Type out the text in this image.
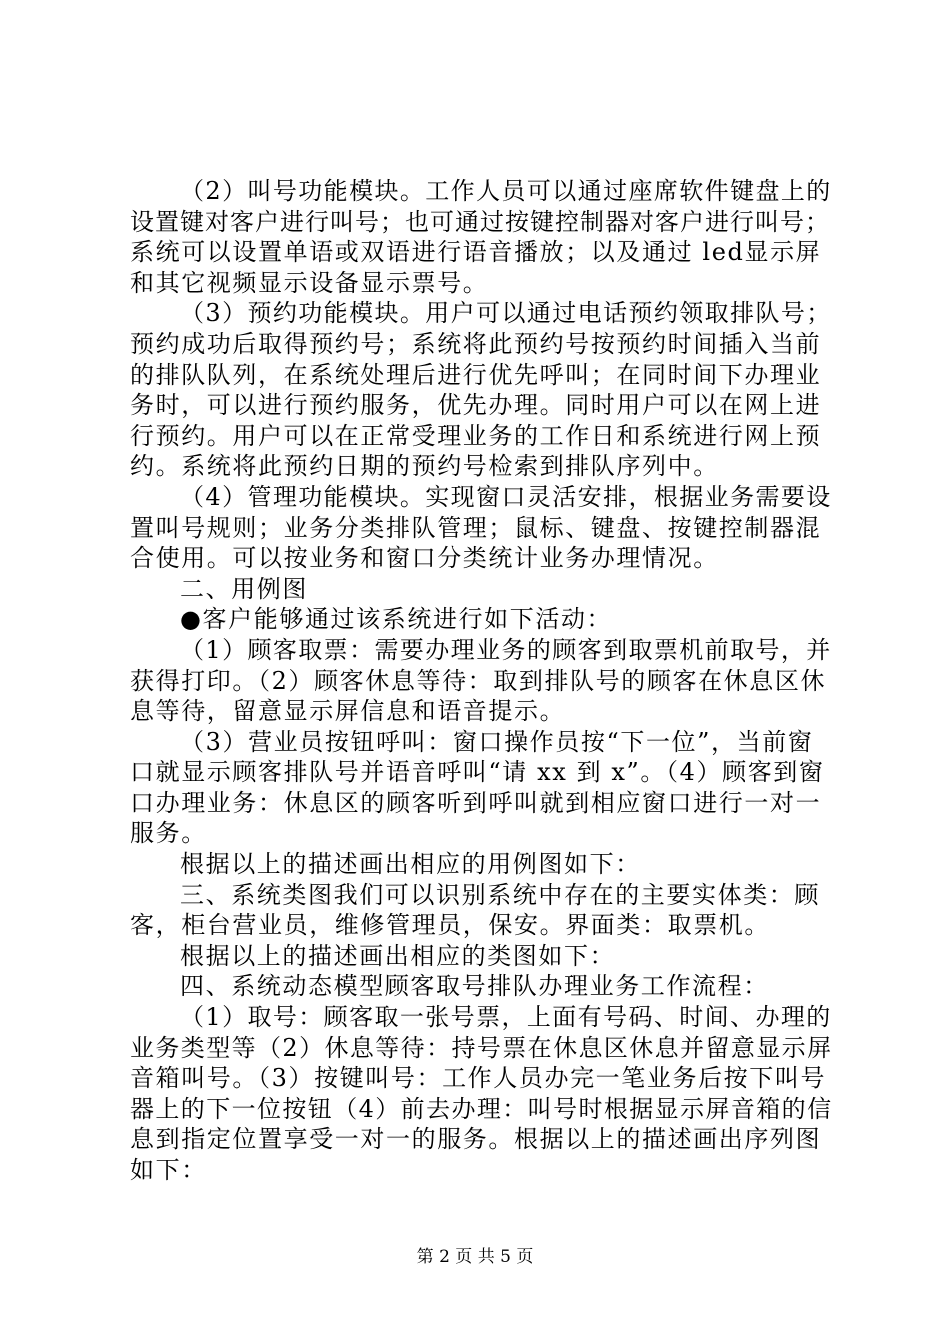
（2）叫号功能模块。工作人员可以通过座席软件键盘上的
设置键对客户进行叫号；也可通过按键控制器对客户进行叫号；
系统可以设置单语或双语进行语音播放；以及通过 led显示屏
和其它视频显示设备显示票号。
（3）预约功能模块。用户可以通过电话预约领取排队号；
预约成功后取得预约号；系统将此预约号按预约时间插入当前
的排队队列，在系统处理后进行优先呼叫；在同时间下办理业
务时，可以进行预约服务，优先办理。同时用户可以在网上进
行预约。用户可以在正常受理业务的工作日和系统进行网上预
约。系统将此预约日期的预约号检索到排队序列中。
（4）管理功能模块。实现窗口灵活安排，根据业务需要设
置叫号规则；业务分类排队管理；鼠标、键盘、按键控制器混
合使用。可以按业务和窗口分类统计业务办理情况。
二、用例图
●客户能够通过该系统进行如下活动：
（1）顾客取票：需要办理业务的顾客到取票机前取号，并
获得打印。（2）顾客休息等待：取到排队号的顾客在休息区休
息等待，留意显示屏信息和语音提示。
（3）营业员按钮呼叫：窗口操作员按“下一位”，当前窗
口就显示顾客排队号并语音呼叫“请 xx 到 x”。（4）顾客到窗
口办理业务：休息区的顾客听到呼叫就到相应窗口进行一对一
服务。
根据以上的描述画出相应的用例图如下：
三、系统类图我们可以识别系统中存在的主要实体类：顾
客，柜台营业员，维修管理员，保安。界面类：取票机。
根据以上的描述画出相应的类图如下：
四、系统动态模型顾客取号排队办理业务工作流程：
（1）取号：顾客取一张号票，上面有号码、时间、办理的
业务类型等（2）休息等待：持号票在休息区休息并留意显示屏
音箱叫号。（3）按键叫号：工作人员办完一笔业务后按下叫号
器上的下一位按钮（4）前去办理：叫号时根据显示屏音箱的信
息到指定位置享受一对一的服务。根据以上的描述画出序列图
如下：
第 2 页 共 5 页
